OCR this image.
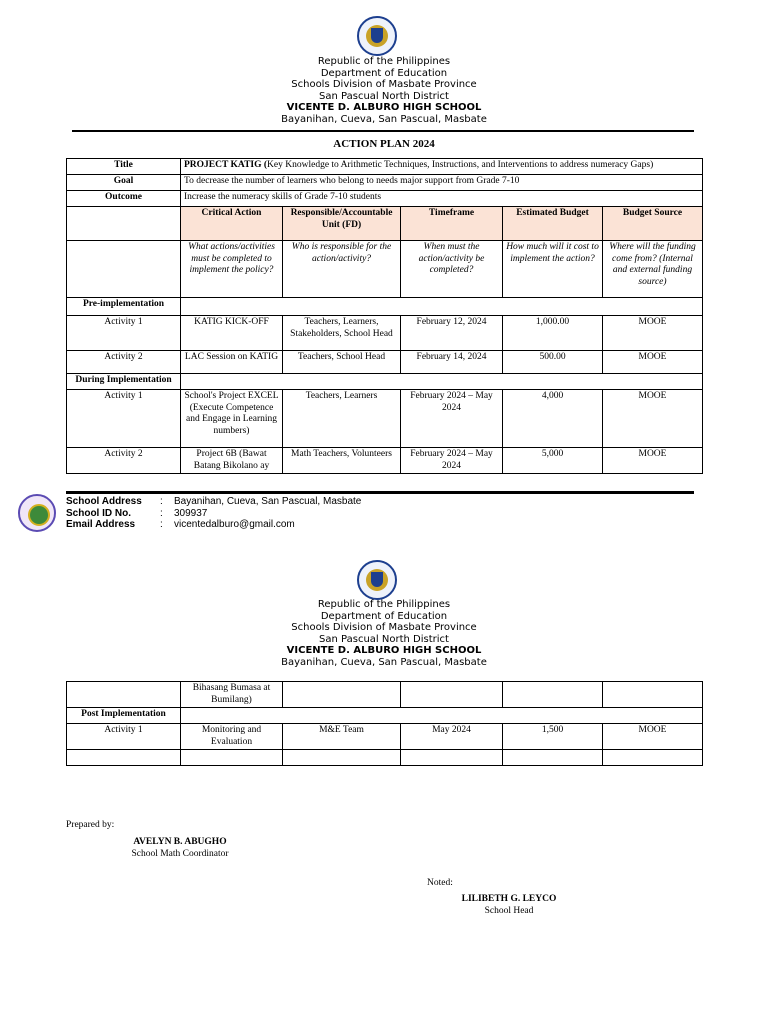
Republic of the Philippines
Department of Education
Schools Division of Masbate Province
San Pascual North District
VICENTE D. ALBURO HIGH SCHOOL
Bayanihan, Cueva, San Pascual, Masbate
ACTION PLAN 2024
Title	PROJECT KATIG (Key Knowledge to Arithmetic Techniques, Instructions, and Interventions to address numeracy Gaps)				
Goal	To decrease the number of learners who belong to needs major support from Grade 7-10				
Outcome	Increase the numeracy skills of Grade 7-10 students				
	Critical Action	Responsible/Accountable Unit (FD)	Timeframe	Estimated Budget	Budget Source
	What actions/activities must be completed to implement the policy?	Who is responsible for the action/activity?	When must the action/activity be completed?	How much will it cost to implement the action?	Where will the funding come from? (Internal and external funding source)
Pre-implementation					
Activity 1	KATIG KICK-OFF	Teachers, Learners, Stakeholders, School Head	February 12, 2024	1,000.00	MOOE
Activity 2	LAC Session on KATIG	Teachers, School Head	February 14, 2024	500.00	MOOE
During Implementation					
Activity 1	School's Project EXCEL (Execute Competence and Engage in Learning numbers)	Teachers, Learners	February 2024 – May 2024	4,000	MOOE
Activity 2	Project 6B (Bawat Batang Bikolano ay	Math Teachers, Volunteers	February 2024 – May 2024	5,000	MOOE
School Address	:	Bayanihan, Cueva, San Pascual, Masbate
School ID No.	:	309937
Email Address	:	vicentedalburo@gmail.com
Republic of the Philippines
Department of Education
Schools Division of Masbate Province
San Pascual North District
VICENTE D. ALBURO HIGH SCHOOL
Bayanihan, Cueva, San Pascual, Masbate
	Bihasang Bumasa at Bumilang)				
Post Implementation					
Activity 1	Monitoring and Evaluation	M&E Team	May 2024	1,500	MOOE

Prepared by:
AVELYN B. ABUGHO
School Math Coordinator
Noted:
LILIBETH G. LEYCO
School Head
